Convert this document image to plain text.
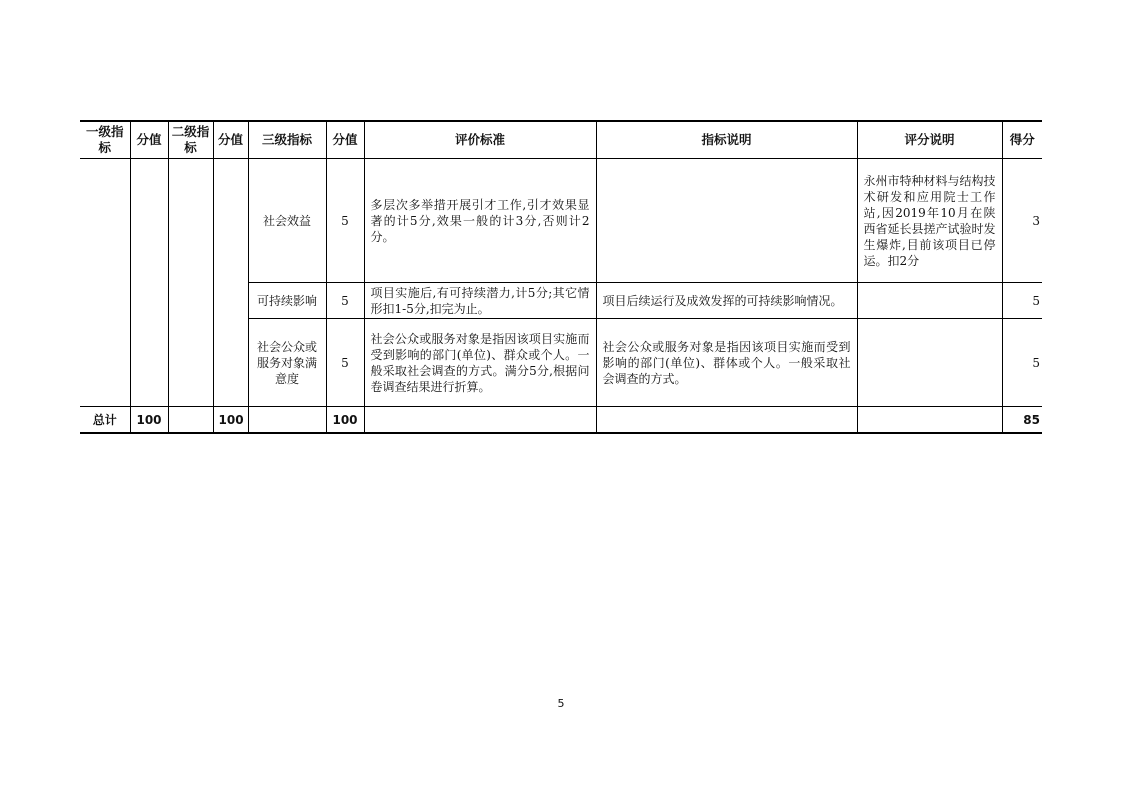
一级指标	分值	二级指标	分值	三级指标	分值	评价标准	指标说明	评分说明	得分
				社会效益	5	多层次多举措开展引才工作,引才效果显著的计5分,效果一般的计3分,否则计2分。		永州市特种材料与结构技术研发和应用院士工作站,因2019年10月在陕西省延长县搓产试验时发生爆炸,目前该项目已停运。扣2分	3
				可持续影响	5	项目实施后,有可持续潜力,计5分;其它情形扣1-5分,扣完为止。	项目后续运行及成效发挥的可持续影响情况。		5
				社会公众或服务对象满意度	5	社会公众或服务对象是指因该项目实施而受到影响的部门(单位)、群众或个人。一般采取社会调查的方式。满分5分,根据问卷调查结果进行折算。	社会公众或服务对象是指因该项目实施而受到影响的部门(单位)、群体或个人。一般采取社会调查的方式。		5
总计	100		100		100				85
5
